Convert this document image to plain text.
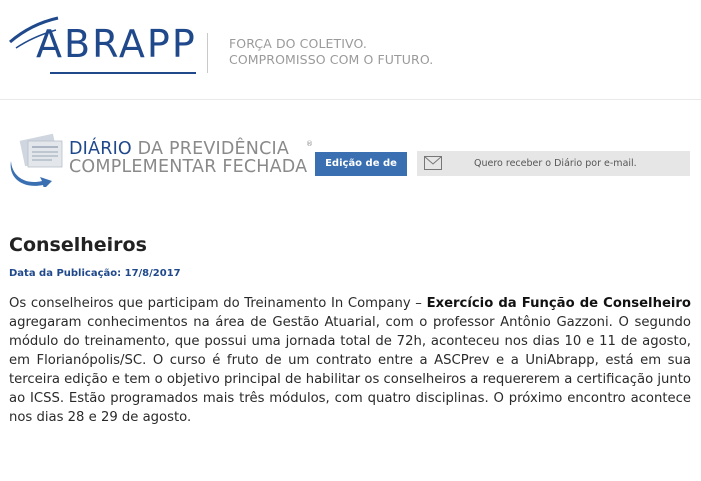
ABRAPP	FORÇA DO COLETIVO.
COMPROMISSO COM O FUTURO.
DIÁRIO DA PREVIDÊNCIA
COMPLEMENTAR FECHADA
®
Edição de de	Quero receber o Diário por e-mail.
Conselheiros
Data da Publicação: 17/8/2017

Os conselheiros que participam do Treinamento In Company – Exercício da Função de Conselheiro agregaram conhecimentos na área de Gestão Atuarial, com o professor Antônio Gazzoni. O segundo módulo do treinamento, que possui uma jornada total de 72h, aconteceu nos dias 10 e 11 de agosto, em Florianópolis/SC. O curso é fruto de um contrato entre a ASCPrev e a UniAbrapp, está em sua terceira edição e tem o objetivo principal de habilitar os conselheiros a requererem a certificação junto ao ICSS. Estão programados mais três módulos, com quatro disciplinas. O próximo encontro acontece nos dias 28 e 29 de agosto.
